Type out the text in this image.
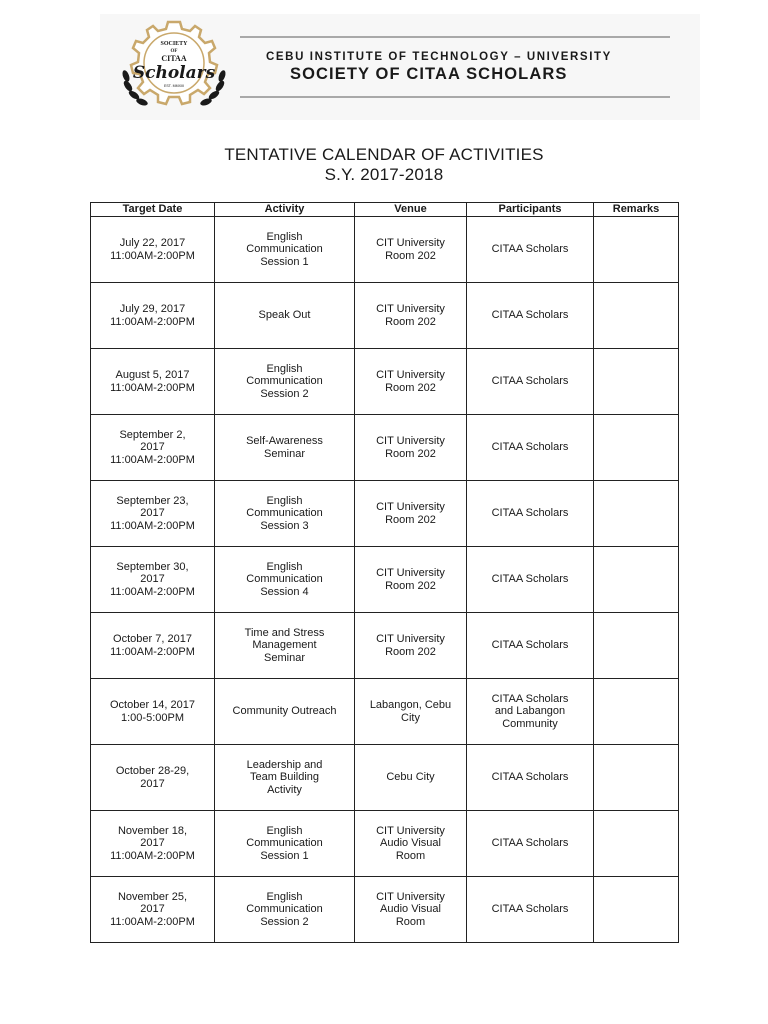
SOCIETY
OF
CITAA
Scholars
EST. MMXIII
CEBU INSTITUTE OF TECHNOLOGY – UNIVERSITY
SOCIETY OF CITAA SCHOLARS
TENTATIVE CALENDAR OF ACTIVITIES
S.Y. 2017-2018
Target Date	Activity	Venue	Participants	Remarks

July 22, 2017
11:00AM-2:00PM	English
Communication
Session 1	CIT University
Room 202	CITAA Scholars	

July 29, 2017
11:00AM-2:00PM	Speak Out	CIT University
Room 202	CITAA Scholars	

August 5, 2017
11:00AM-2:00PM	English
Communication
Session 2	CIT University
Room 202	CITAA Scholars	

September 2,
2017
11:00AM-2:00PM	Self-Awareness
Seminar	CIT University
Room 202	CITAA Scholars	

September 23,
2017
11:00AM-2:00PM	English
Communication
Session 3	CIT University
Room 202	CITAA Scholars	

September 30,
2017
11:00AM-2:00PM	English
Communication
Session 4	CIT University
Room 202	CITAA Scholars	

October 7, 2017
11:00AM-2:00PM	Time and Stress
Management
Seminar	CIT University
Room 202	CITAA Scholars	

October 14, 2017
1:00-5:00PM	Community Outreach	Labangon, Cebu
City	CITAA Scholars
and Labangon
Community	

October 28-29,
2017	Leadership and
Team Building
Activity	Cebu City	CITAA Scholars	

November 18,
2017
11:00AM-2:00PM	English
Communication
Session 1	CIT University
Audio Visual
Room	CITAA Scholars	

November 25,
2017
11:00AM-2:00PM	English
Communication
Session 2	CIT University
Audio Visual
Room	CITAA Scholars	
